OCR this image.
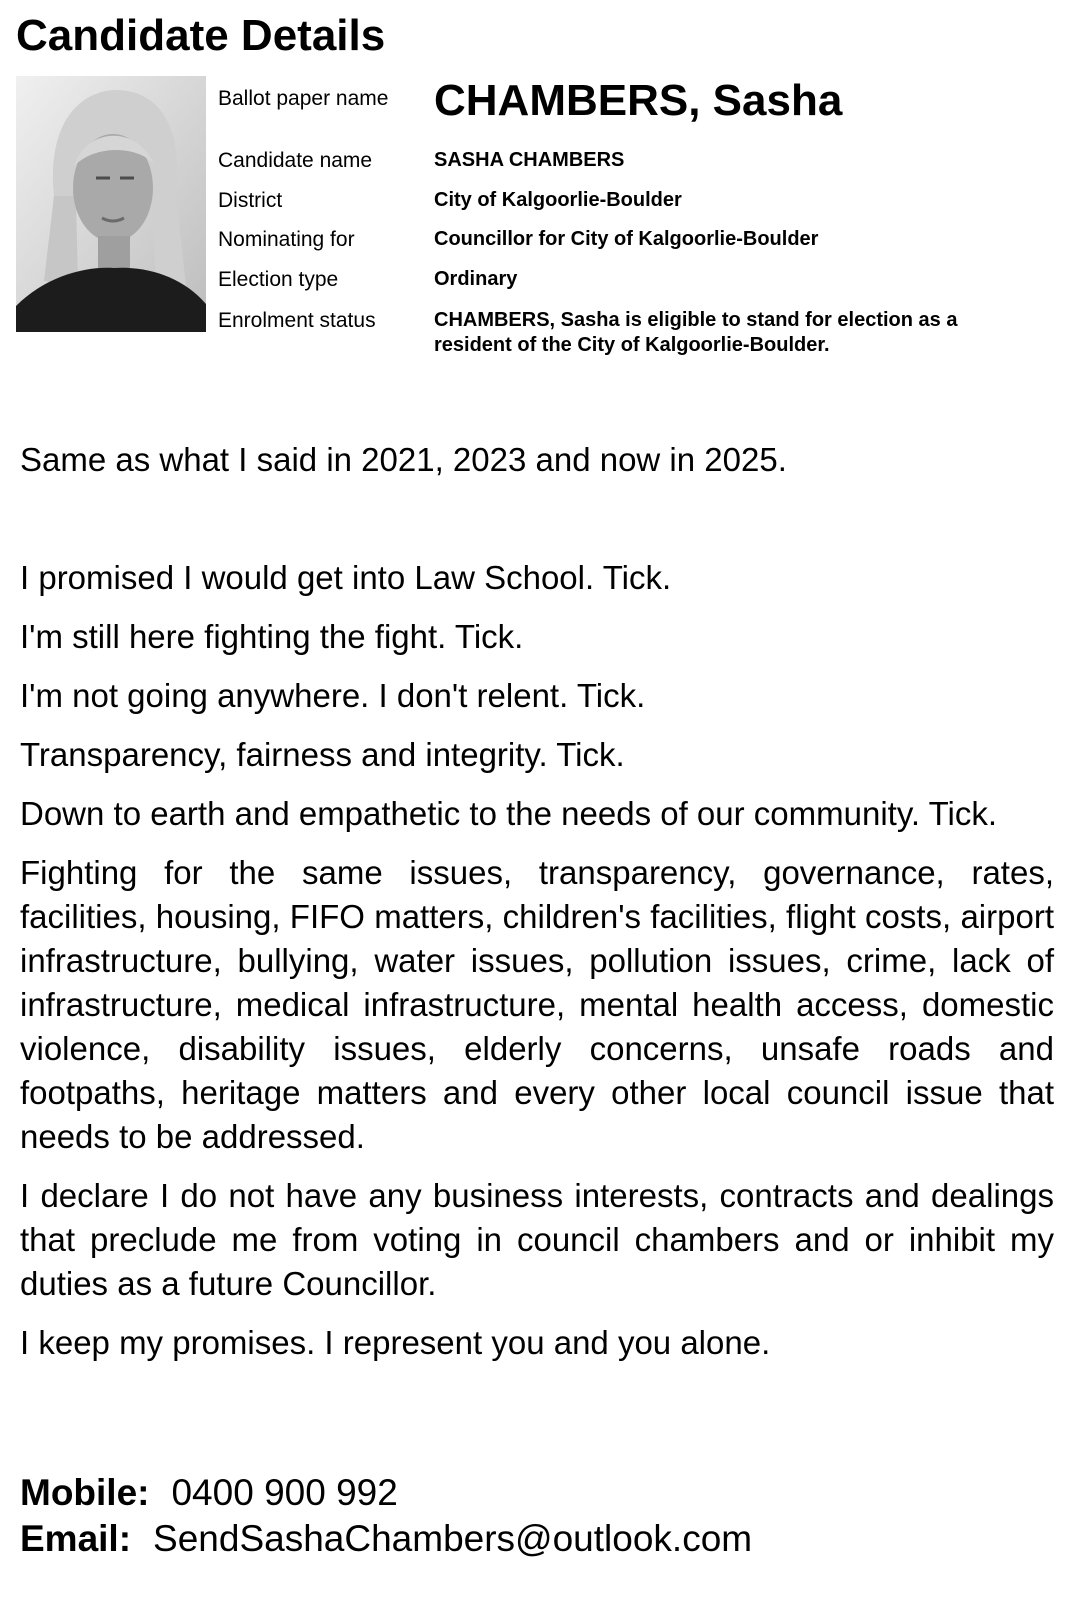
Candidate Details
Ballot paper name CHAMBERS, Sasha
Candidate name	SASHA CHAMBERS
District	City of Kalgoorlie-Boulder
Nominating for	Councillor for City of Kalgoorlie-Boulder
Election type	Ordinary
Enrolment status	CHAMBERS, Sasha is eligible to stand for election as a resident of the City of Kalgoorlie-Boulder.

Same as what I said in 2021, 2023 and now in 2025.

I promised I would get into Law School. Tick.

I'm still here fighting the fight. Tick.

I'm not going anywhere. I don't relent. Tick.

Transparency, fairness and integrity. Tick.

Down to earth and empathetic to the needs of our community. Tick.

Fighting for the same issues, transparency, governance, rates, facilities, housing, FIFO matters, children's facilities, flight costs, airport infrastructure, bullying, water issues, pollution issues, crime, lack of infrastructure, medical infrastructure, mental health access, domestic violence, disability issues, elderly concerns, unsafe roads and footpaths, heritage matters and every other local council issue that needs to be addressed.

I declare I do not have any business interests, contracts and dealings that preclude me from voting in council chambers and or inhibit my duties as a future Councillor.

I keep my promises. I represent you and you alone.

Mobile: 0400 900 992
Email: SendSashaChambers@outlook.com
